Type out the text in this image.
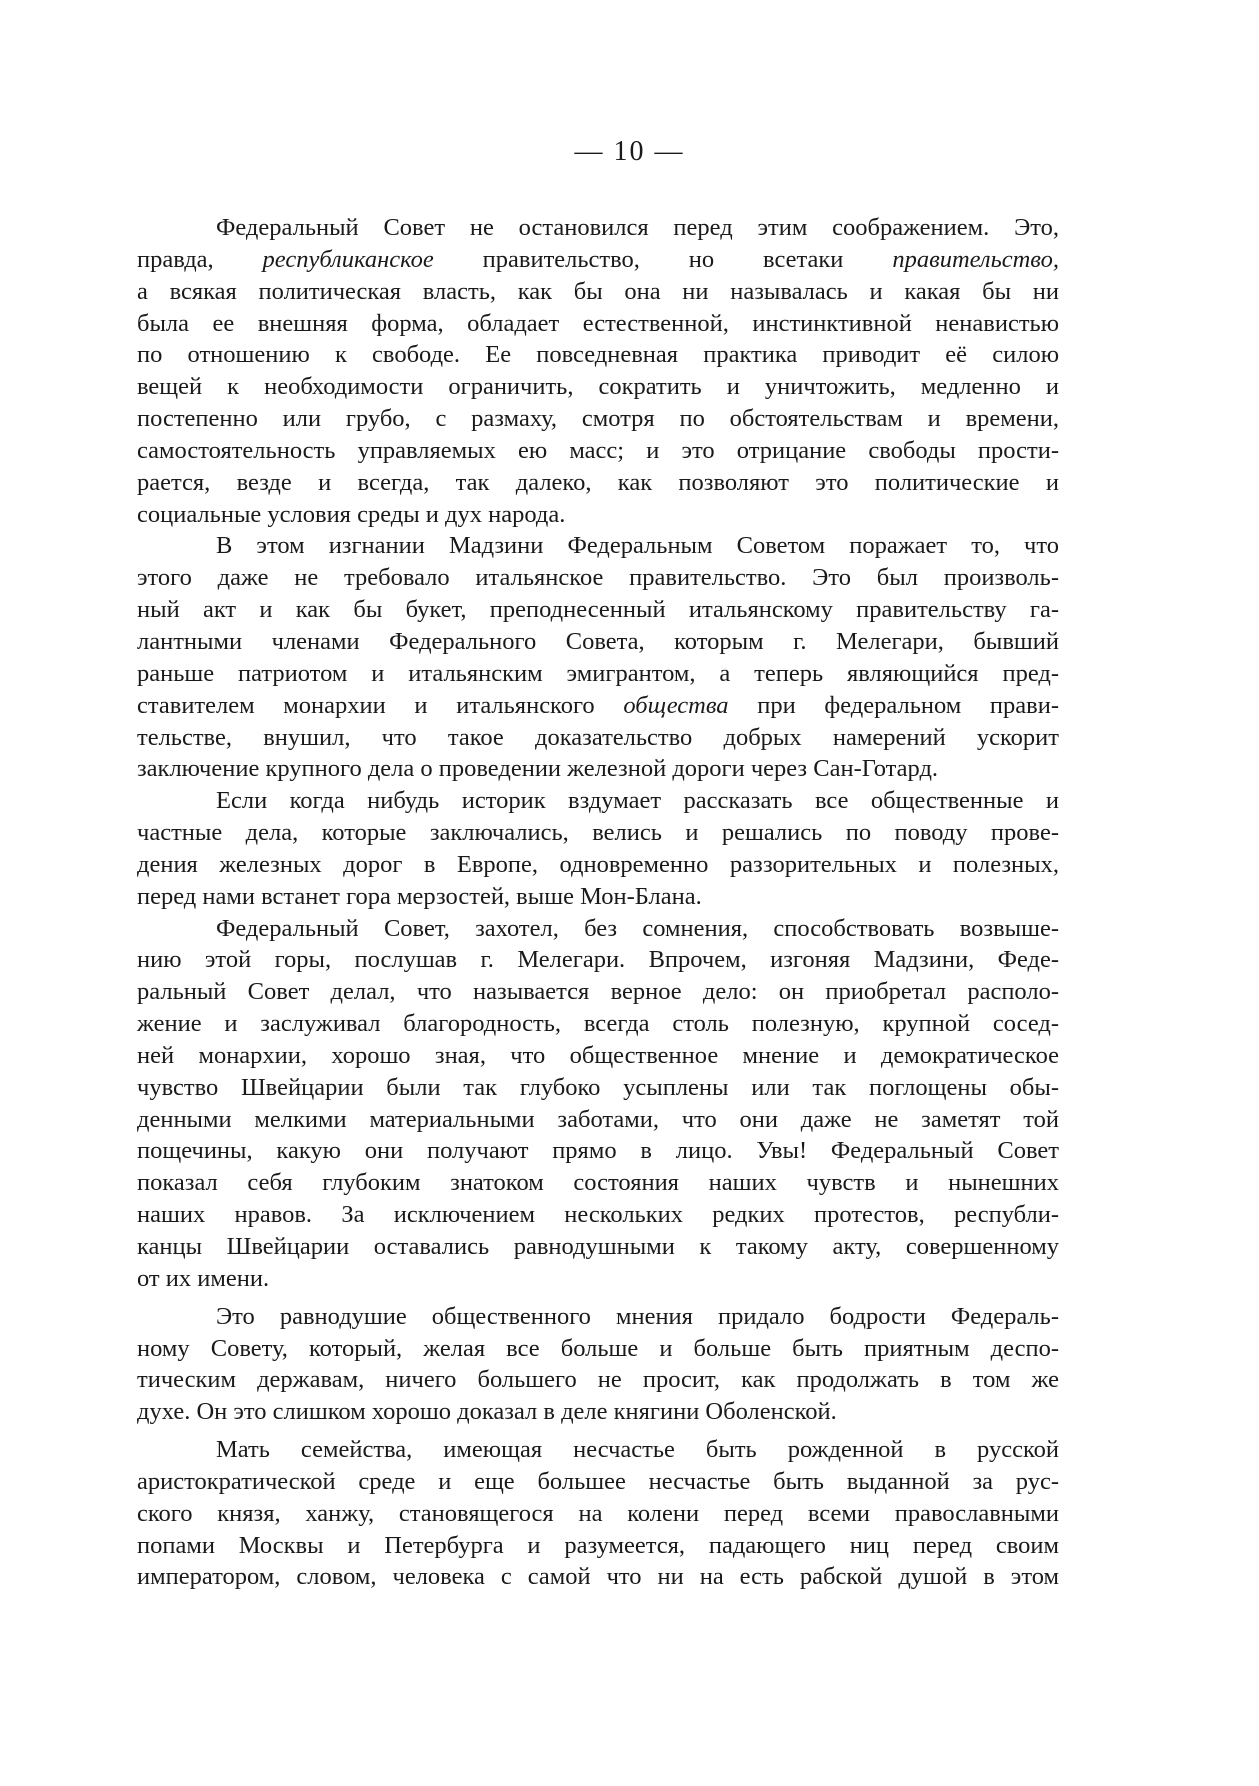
— 10 —
Федеральный Совет не остановился перед этим соображением. Это,
правда, республиканское правительство, но всетаки правительство,
а всякая политическая власть, как бы она ни называлась и какая бы ни
была ее внешняя форма, обладает естественной, инстинктивной ненавистью
по отношению к свободе. Ее повседневная практика приводит её силою
вещей к необходимости ограничить, сократить и уничтожить, медленно и
постепенно или грубо, с размаху, смотря по обстоятельствам и времени,
самостоятельность управляемых ею масс; и это отрицание свободы прости-
рается, везде и всегда, так далеко, как позволяют это политические и
социальные условия среды и дух народа.
В этом изгнании Мадзини Федеральным Советом поражает то, что
этого даже не требовало итальянское правительство. Это был произволь-
ный акт и как бы букет, преподнесенный итальянскому правительству га-
лантными членами Федерального Совета, которым г. Мелегари, бывший
раньше патриотом и итальянским эмигрантом, а теперь являющийся пред-
ставителем монархии и итальянского общества при федеральном прави-
тельстве, внушил, что такое доказательство добрых намерений ускорит
заключение крупного дела о проведении железной дороги через Сан-Готард.
Если когда нибудь историк вздумает рассказать все общественные и
частные дела, которые заключались, велись и решались по поводу прове-
дения железных дорог в Европе, одновременно раззорительных и полезных,
перед нами встанет гора мерзостей, выше Мон-Блана.
Федеральный Совет, захотел, без сомнения, способствовать возвыше-
нию этой горы, послушав г. Мелегари. Впрочем, изгоняя Мадзини, Феде-
ральный Совет делал, что называется верное дело: он приобретал располо-
жение и заслуживал благородность, всегда столь полезную, крупной сосед-
ней монархии, хорошо зная, что общественное мнение и демократическое
чувство Швейцарии были так глубоко усыплены или так поглощены обы-
денными мелкими материальными заботами, что они даже не заметят той
пощечины, какую они получают прямо в лицо. Увы! Федеральный Совет
показал себя глубоким знатоком состояния наших чувств и нынешних
наших нравов. За исключением нескольких редких протестов, республи-
канцы Швейцарии оставались равнодушными к такому акту, совершенному
от их имени.
Это равнодушие общественного мнения придало бодрости Федераль-
ному Совету, который, желая все больше и больше быть приятным деспо-
тическим державам, ничего большего не просит, как продолжать в том же
духе. Он это слишком хорошо доказал в деле княгини Оболенской.
Мать семейства, имеющая несчастье быть рожденной в русской
аристократической среде и еще большее несчастье быть выданной за рус-
ского князя, ханжу, становящегося на колени перед всеми православными
попами Москвы и Петербурга и разумеется, падающего ниц перед своим
императором, словом, человека с самой что ни на есть рабской душой в этом
